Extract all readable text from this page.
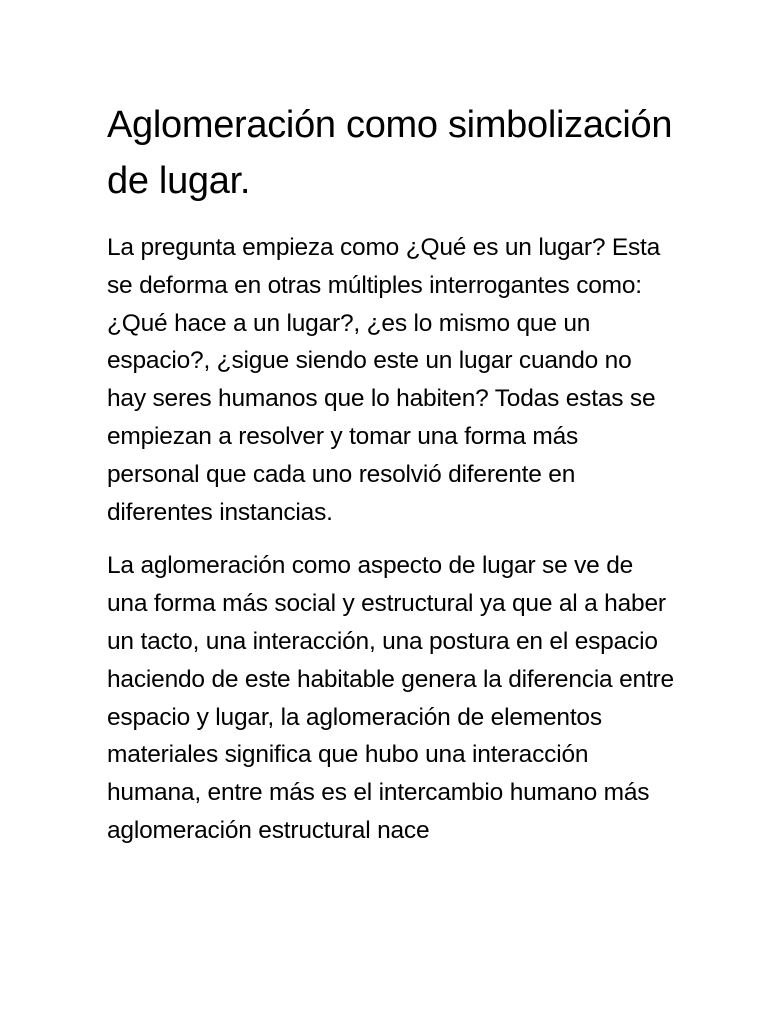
Aglomeración como simbolización de lugar.

La pregunta empieza como ¿Qué es un lugar? Esta se deforma en otras múltiples interrogantes como: ¿Qué hace a un lugar?, ¿es lo mismo que un espacio?, ¿sigue siendo este un lugar cuando no hay seres humanos que lo habiten? Todas estas se empiezan a resolver y tomar una forma más personal que cada uno resolvió diferente en diferentes instancias.

La aglomeración como aspecto de lugar se ve de una forma más social y estructural ya que al a haber un tacto, una interacción, una postura en el espacio haciendo de este habitable genera la diferencia entre espacio y lugar, la aglomeración de elementos materiales significa que hubo una interacción humana, entre más es el intercambio humano más aglomeración estructural nace
